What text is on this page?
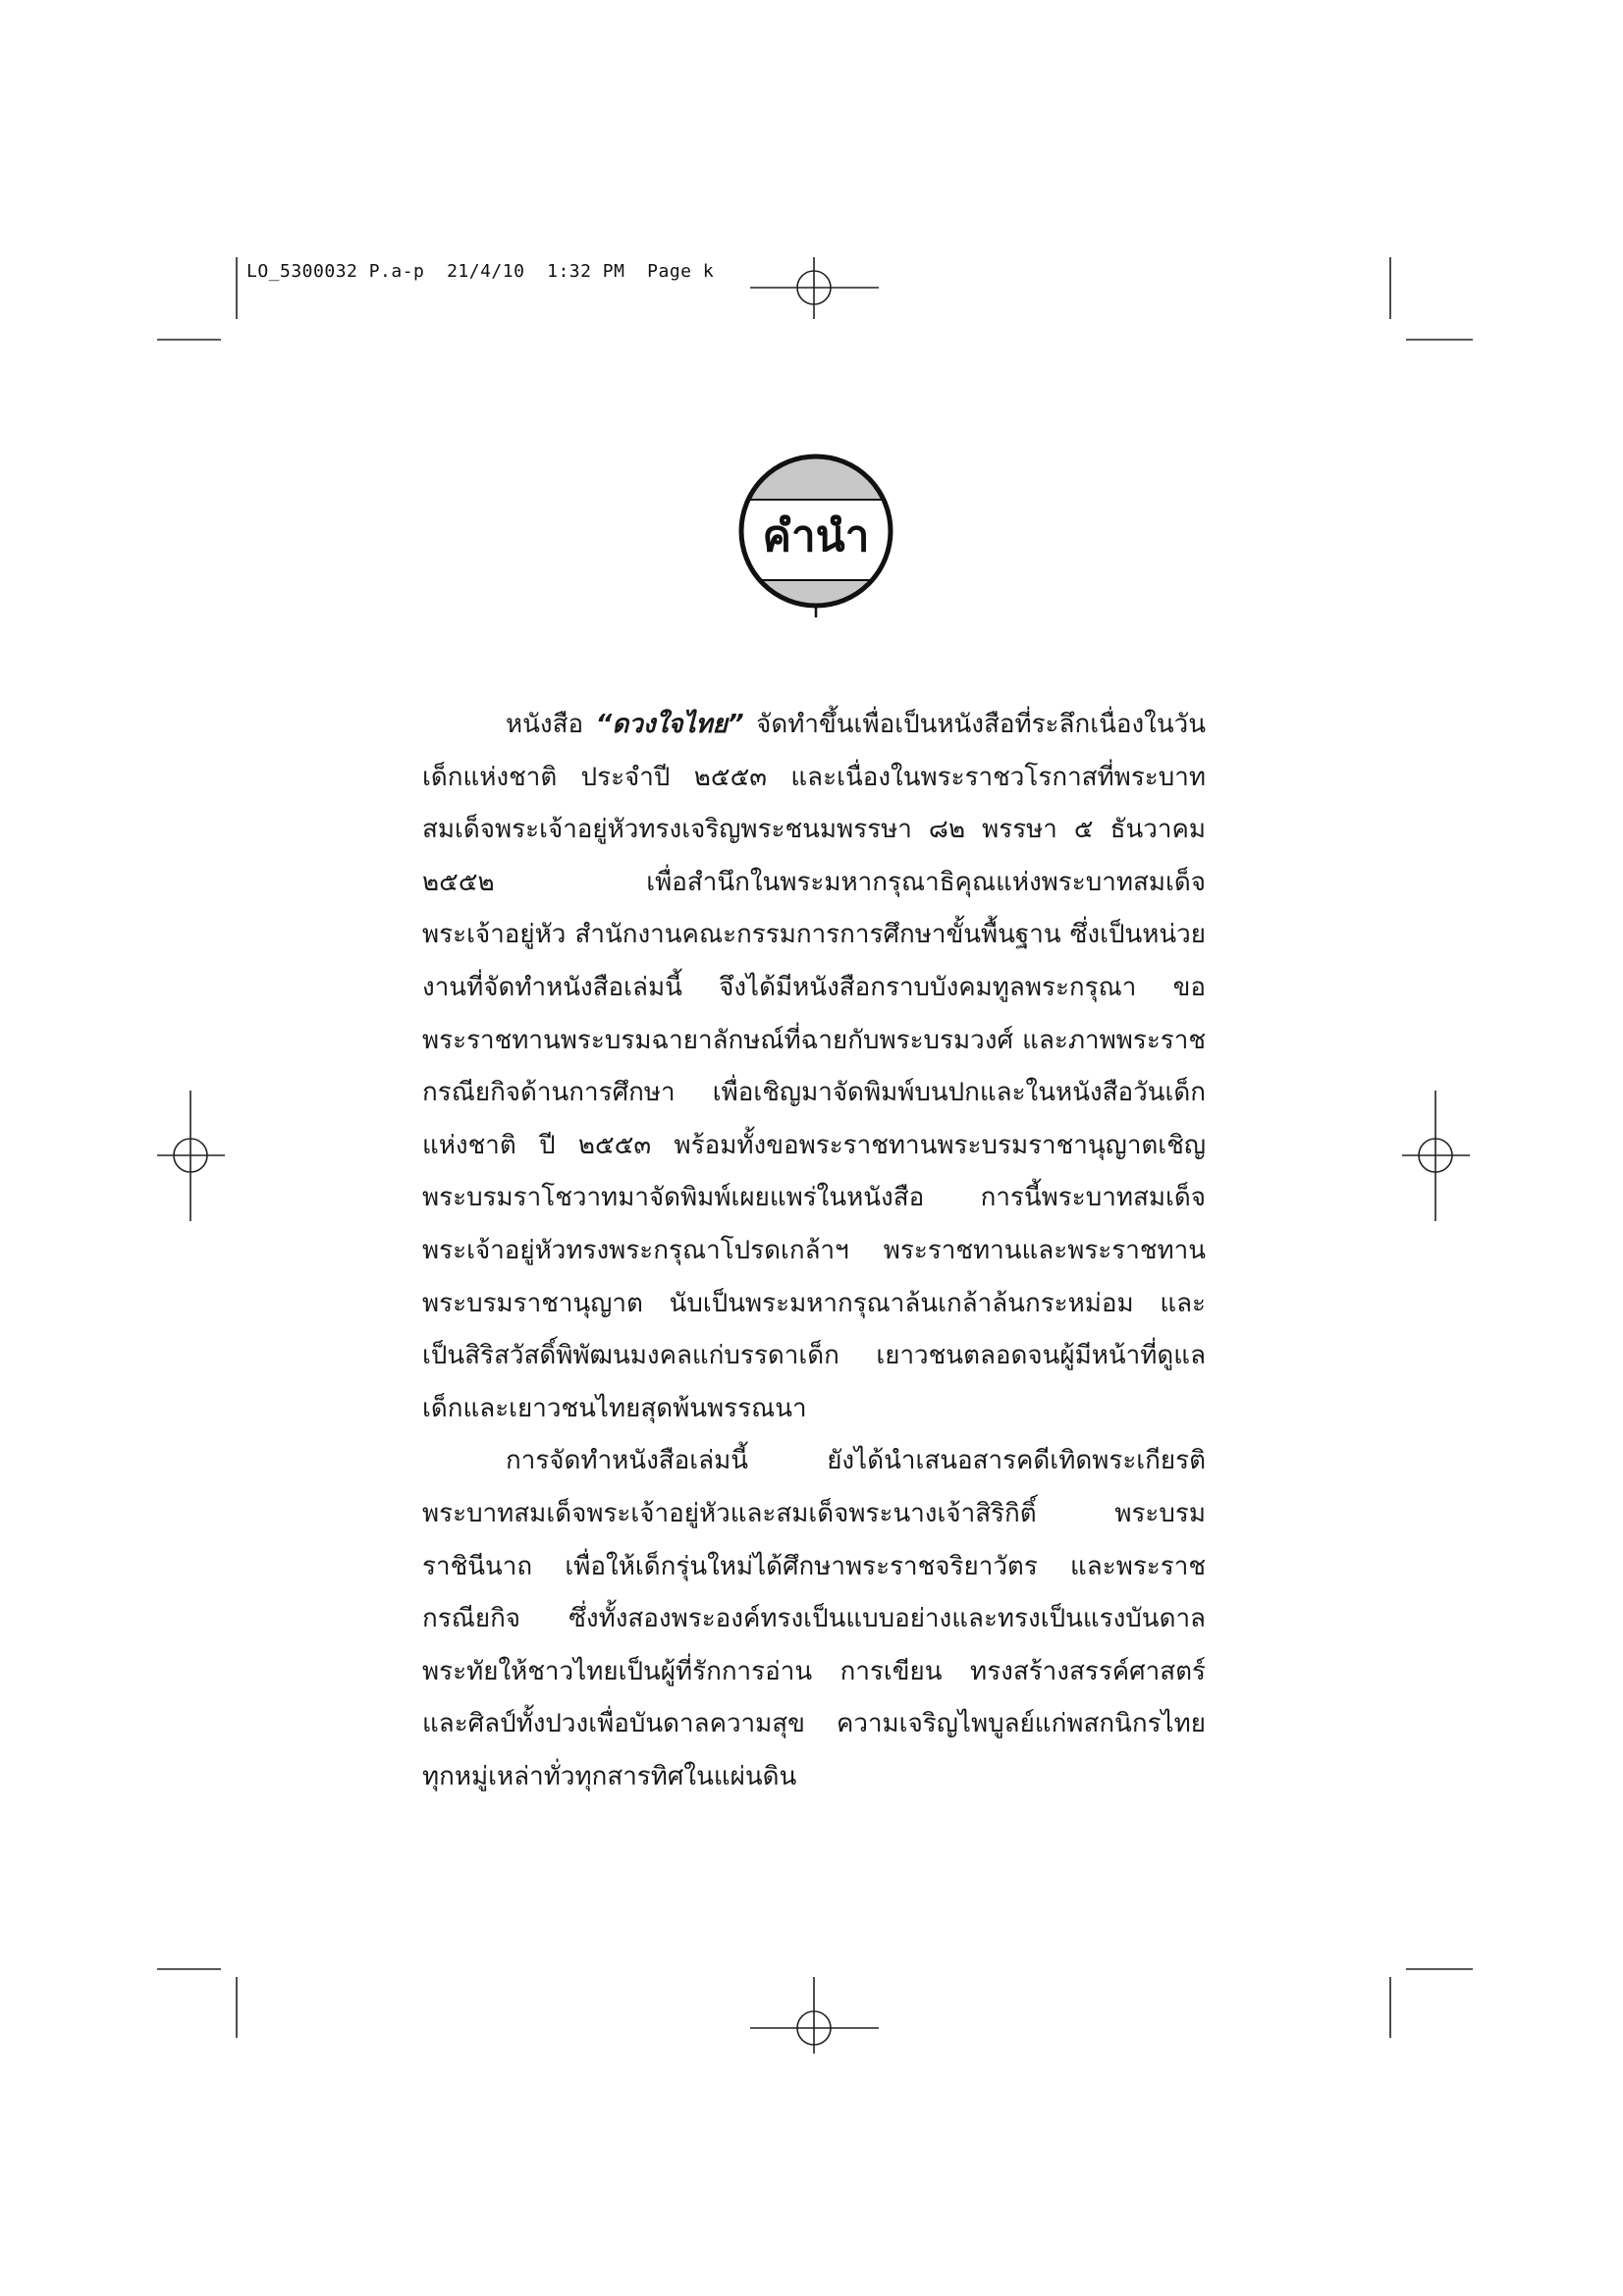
LO_5300032 P.a-p 21/4/10 1:32 PM Page k
คำนำ

หนังสือ “ดวงใจไทย” จัดทำขึ้นเพื่อเป็นหนังสือที่ระลึกเนื่องในวันเด็กแห่งชาติ ประจำปี ๒๕๕๓ และเนื่องในพระราชวโรกาสที่พระบาทสมเด็จพระเจ้าอยู่หัวทรงเจริญพระชนมพรรษา ๘๒ พรรษา ๕ ธันวาคม ๒๕๕๒ เพื่อสำนึกในพระมหากรุณาธิคุณแห่งพระบาทสมเด็จพระเจ้าอยู่หัว สำนักงานคณะกรรมการการศึกษาขั้นพื้นฐาน ซึ่งเป็นหน่วยงานที่จัดทำหนังสือเล่มนี้ จึงได้มีหนังสือกราบบังคมทูลพระกรุณา ขอพระราชทานพระบรมฉายาลักษณ์ที่ฉายกับพระบรมวงศ์ และภาพพระราชกรณียกิจด้านการศึกษา เพื่อเชิญมาจัดพิมพ์บนปกและในหนังสือวันเด็กแห่งชาติ ปี ๒๕๕๓ พร้อมทั้งขอพระราชทานพระบรมราชานุญาตเชิญพระบรมราโชวาทมาจัดพิมพ์เผยแพร่ในหนังสือ การนี้พระบาทสมเด็จพระเจ้าอยู่หัวทรงพระกรุณาโปรดเกล้าฯ พระราชทานและพระราชทานพระบรมราชานุญาต นับเป็นพระมหากรุณาล้นเกล้าล้นกระหม่อม และเป็นสิริสวัสดิ์พิพัฒนมงคลแก่บรรดาเด็ก เยาวชนตลอดจนผู้มีหน้าที่ดูแลเด็กและเยาวชนไทยสุดพ้นพรรณนา

การจัดทำหนังสือเล่มนี้ ยังได้นำเสนอสารคดีเทิดพระเกียรติพระบาทสมเด็จพระเจ้าอยู่หัวและสมเด็จพระนางเจ้าสิริกิติ์ พระบรมราชินีนาถ เพื่อให้เด็กรุ่นใหม่ได้ศึกษาพระราชจริยาวัตร และพระราชกรณียกิจ ซึ่งทั้งสองพระองค์ทรงเป็นแบบอย่างและทรงเป็นแรงบันดาลพระทัยให้ชาวไทยเป็นผู้ที่รักการอ่าน การเขียน ทรงสร้างสรรค์ศาสตร์และศิลป์ทั้งปวงเพื่อบันดาลความสุข ความเจริญไพบูลย์แก่พสกนิกรไทยทุกหมู่เหล่าทั่วทุกสารทิศในแผ่นดิน
